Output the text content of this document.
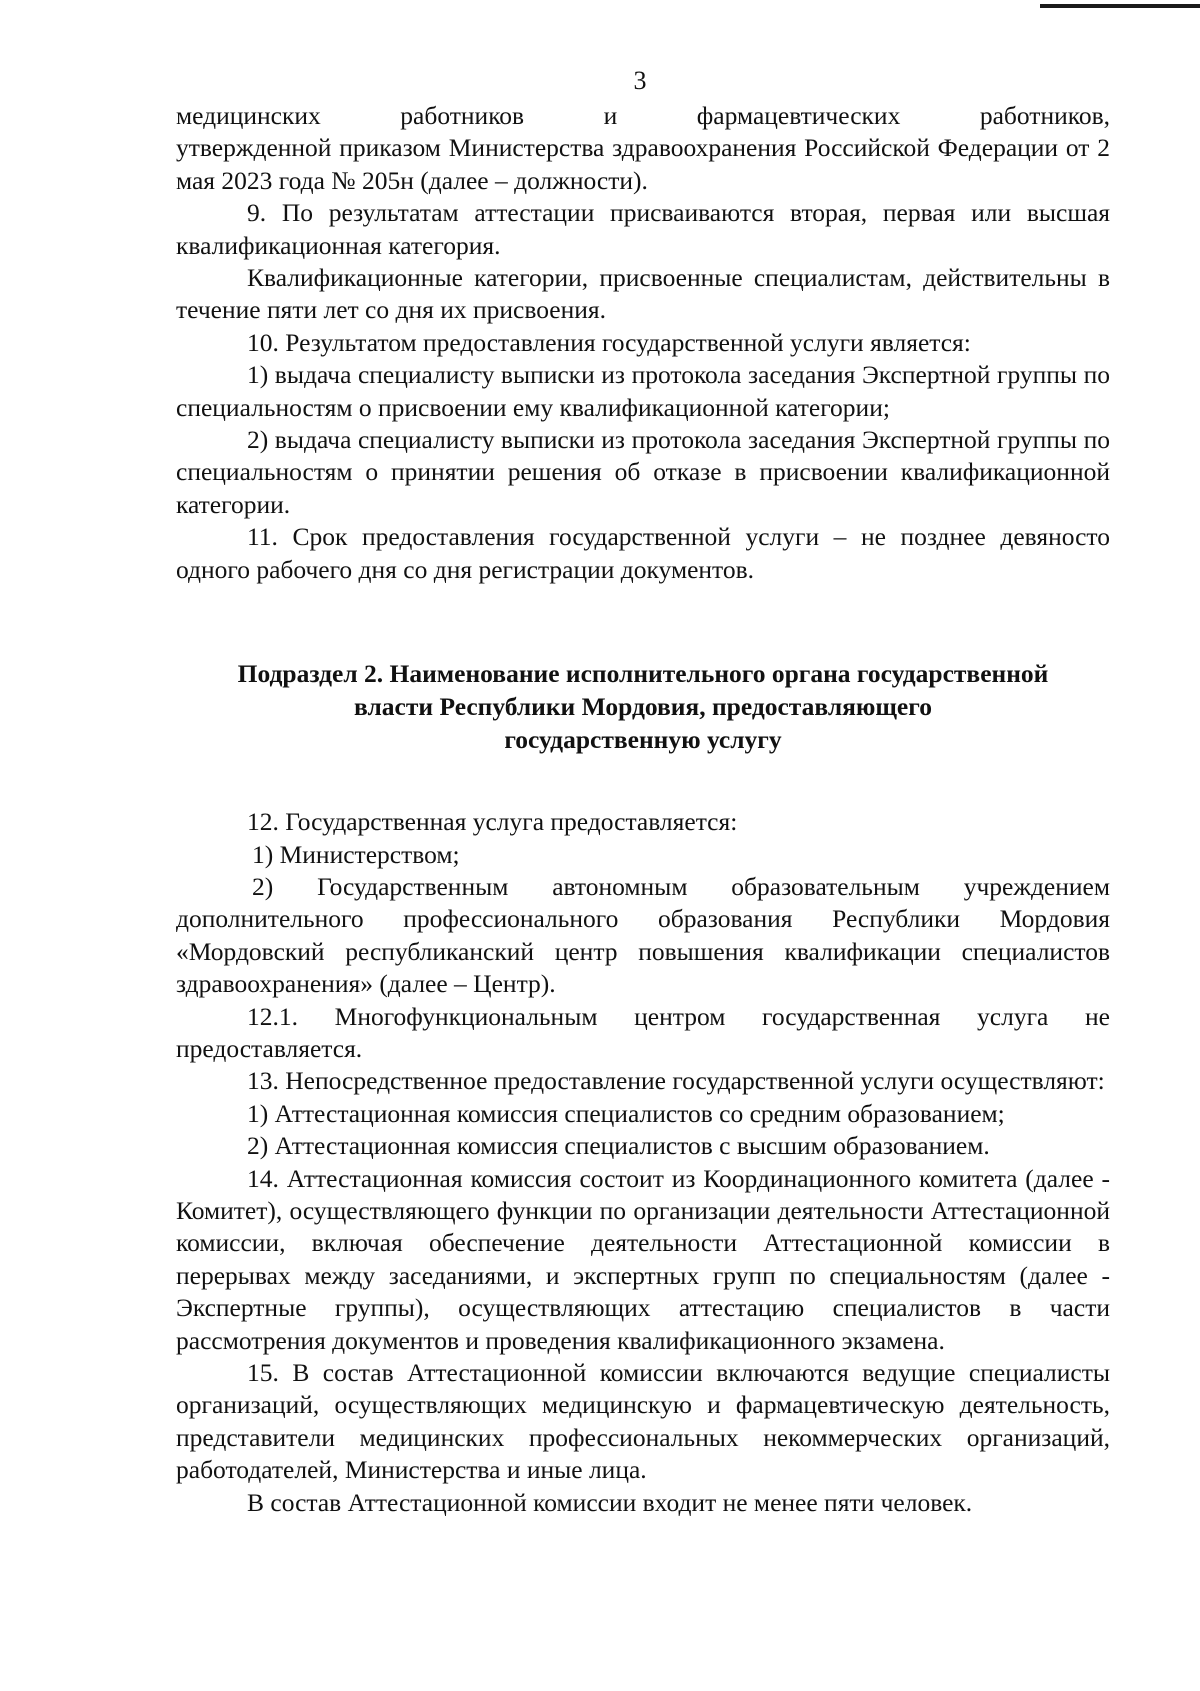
3

медицинских работников и фармацевтических работников,

утвержденной приказом Министерства здравоохранения Российской Федерации от 2 мая 2023 года № 205н (далее – должности).

9. По результатам аттестации присваиваются вторая, первая или высшая квалификационная категория.

Квалификационные категории, присвоенные специалистам, действительны в течение пяти лет со дня их присвоения.

10. Результатом предоставления государственной услуги является:

1) выдача специалисту выписки из протокола заседания Экспертной группы по специальностям о присвоении ему квалификационной категории;

2) выдача специалисту выписки из протокола заседания Экспертной группы по специальностям о принятии решения об отказе в присвоении квалификационной категории.

11. Срок предоставления государственной услуги – не позднее девяносто одного рабочего дня со дня регистрации документов.

Подраздел 2. Наименование исполнительного органа государственной
власти Республики Мордовия, предоставляющего
государственную услугу

12. Государственная услуга предоставляется:

1) Министерством;

2) Государственным автономным образовательным учреждением дополнительного профессионального образования Республики Мордовия «Мордовский республиканский центр повышения квалификации специалистов здравоохранения» (далее – Центр).

12.1. Многофункциональным центром государственная услуга не предоставляется.

13. Непосредственное предоставление государственной услуги осуществляют:

1) Аттестационная комиссия специалистов со средним образованием;

2) Аттестационная комиссия специалистов с высшим образованием.

14. Аттестационная комиссия состоит из Координационного комитета (далее - Комитет), осуществляющего функции по организации деятельности Аттестационной комиссии, включая обеспечение деятельности Аттестационной комиссии в перерывах между заседаниями, и экспертных групп по специальностям (далее - Экспертные группы), осуществляющих аттестацию специалистов в части рассмотрения документов и проведения квалификационного экзамена.

15. В состав Аттестационной комиссии включаются ведущие специалисты организаций, осуществляющих медицинскую и фармацевтическую деятельность, представители медицинских профессиональных некоммерческих организаций, работодателей, Министерства и иные лица.

В состав Аттестационной комиссии входит не менее пяти человек.
